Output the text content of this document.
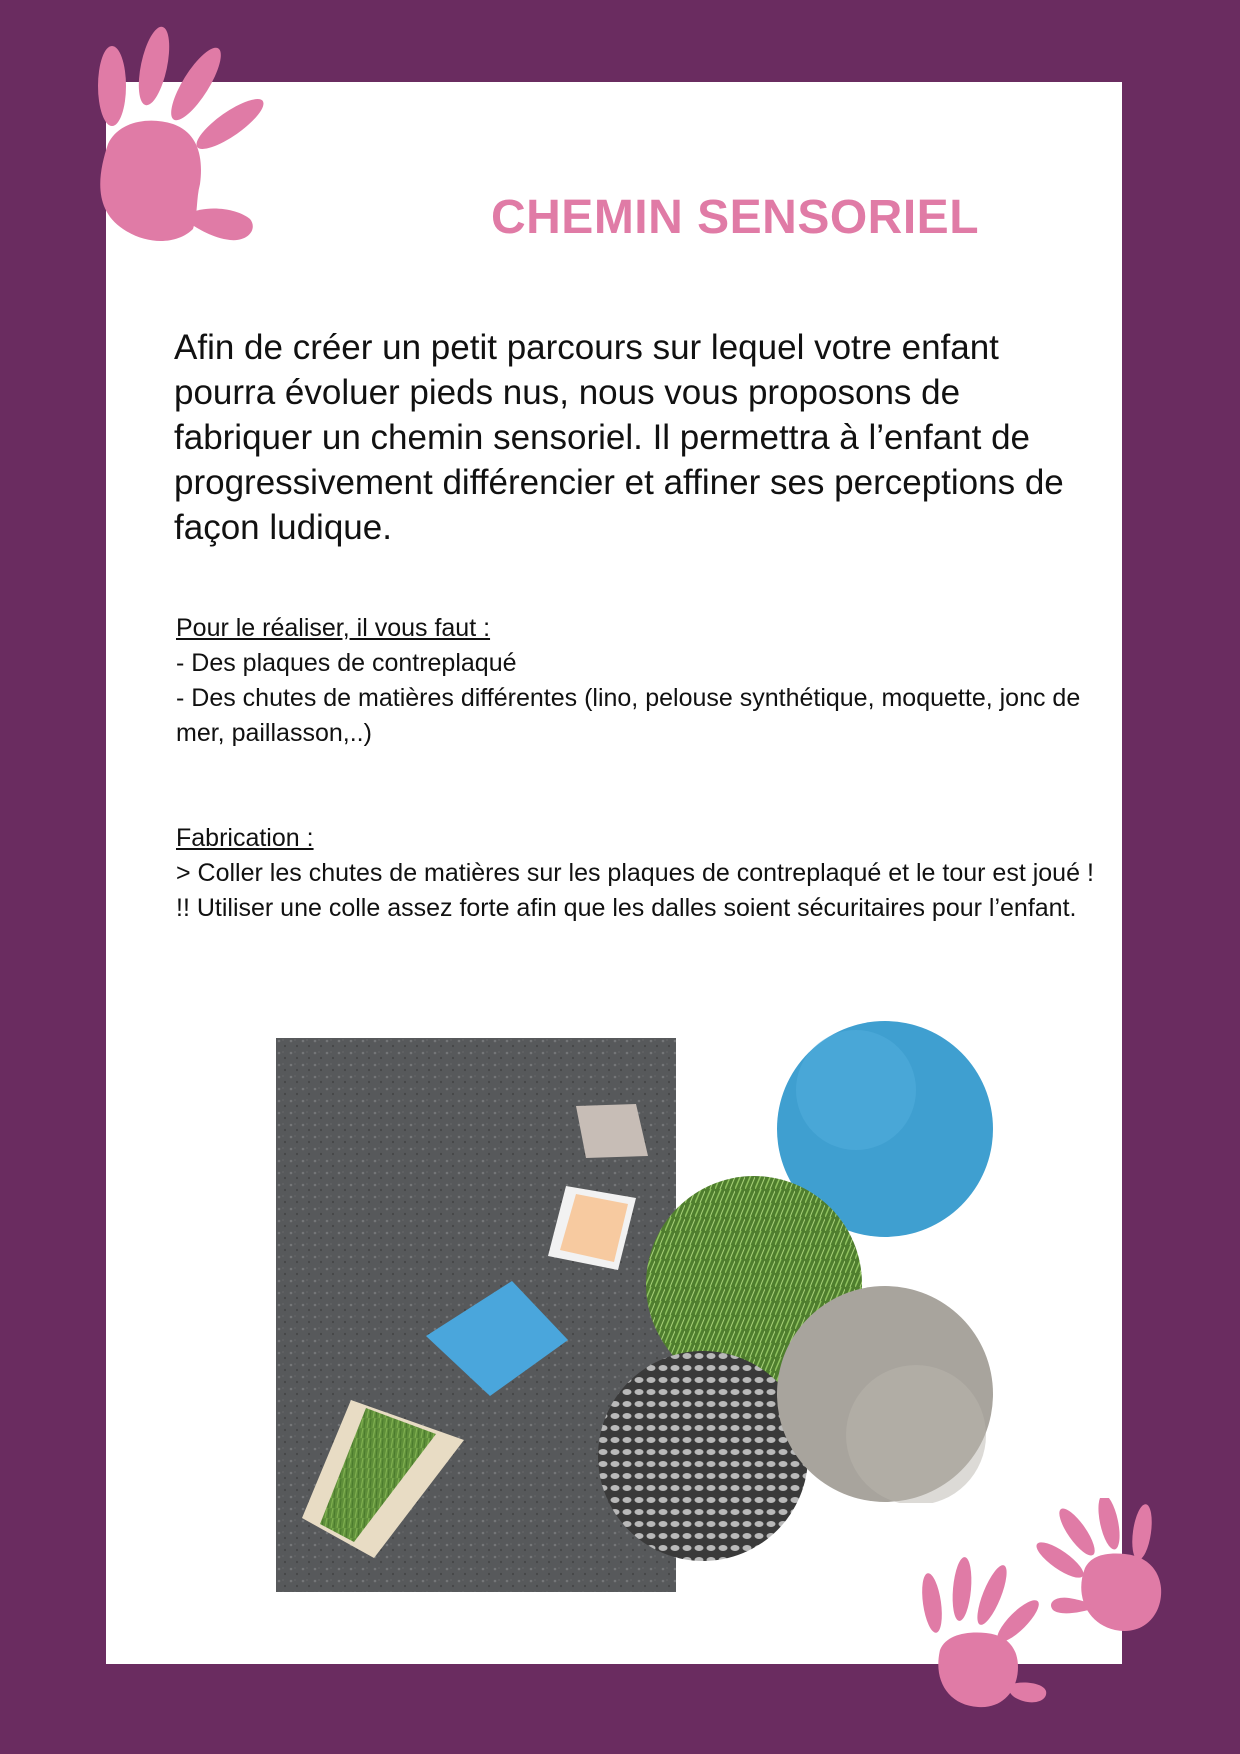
CHEMIN SENSORIEL

Afin de créer un petit parcours sur lequel votre enfant pourra évoluer pieds nus, nous vous proposons de fabriquer un chemin sensoriel. Il permettra à l’enfant de progressivement différencier et affiner ses perceptions de façon ludique.

Pour le réaliser, il vous faut :
- Des plaques de contreplaqué
- Des chutes de matières différentes (lino, pelouse synthétique, moquette, jonc de mer, paillasson,..)
Fabrication :
> Coller les chutes de matières sur les plaques de contreplaqué et le tour est joué !
!! Utiliser une colle assez forte afin que les dalles soient sécuritaires pour l’enfant.
